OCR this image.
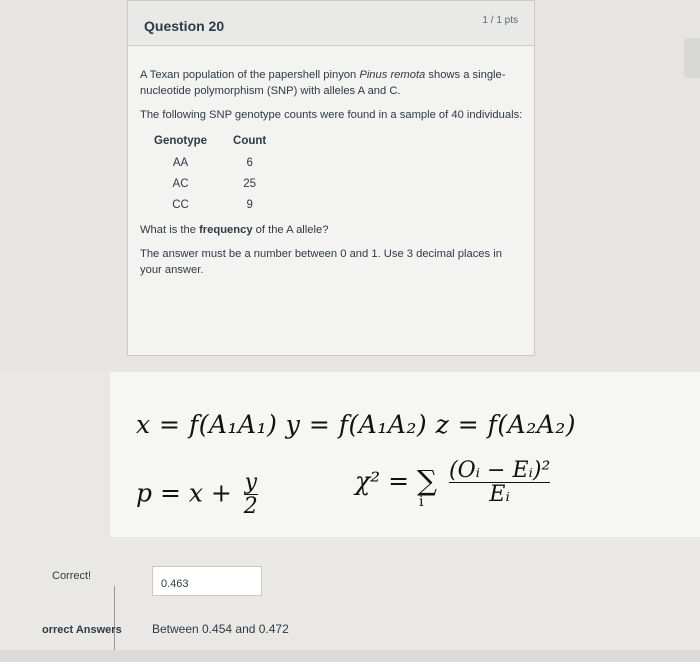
Question 20	1 / 1 pts

A Texan population of the papershell pinyon Pinus remota shows a single-nucleotide polymorphism (SNP) with alleles A and C.

The following SNP genotype counts were found in a sample of 40 individuals:

Genotype	Count
AA	6
AC	25
CC	9

What is the frequency of the A allele?

The answer must be a number between 0 and 1. Use 3 decimal places in your answer.

x = f(A₁A₁) y = f(A₁A₂) z = f(A₂A₂)
$p = x + \frac{y}{2}$	χ² = ∑
i
$\frac{\text{(Oᵢ − Eᵢ)²}}{\text{Eᵢ}}$
Correct!
0.463
orrect Answers	Between 0.454 and 0.472
